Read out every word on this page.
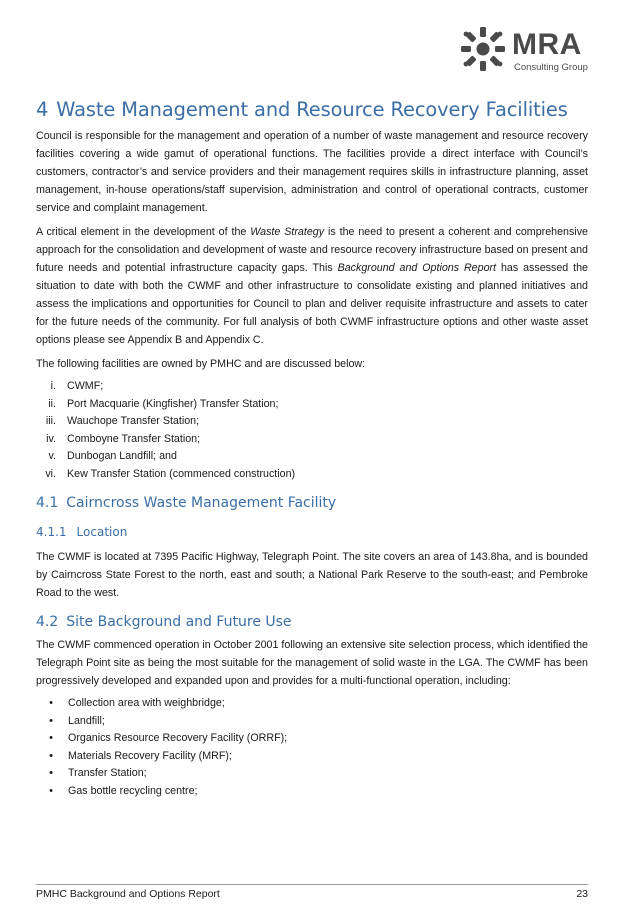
MRA
Consulting Group
4 Waste Management and Resource Recovery Facilities

Council is responsible for the management and operation of a number of waste management and resource recovery facilities covering a wide gamut of operational functions. The facilities provide a direct interface with Council’s customers, contractor’s and service providers and their management requires skills in infrastructure planning, asset management, in-house operations/staff supervision, administration and control of operational contracts, customer service and complaint management.

A critical element in the development of the Waste Strategy is the need to present a coherent and comprehensive approach for the consolidation and development of waste and resource recovery infrastructure based on present and future needs and potential infrastructure capacity gaps. This Background and Options Report has assessed the situation to date with both the CWMF and other infrastructure to consolidate existing and planned initiatives and assess the implications and opportunities for Council to plan and deliver requisite infrastructure and assets to cater for the future needs of the community. For full analysis of both CWMF infrastructure options and other waste asset options please see Appendix B and Appendix C.

The following facilities are owned by PMHC and are discussed below:

i.	CWMF;
ii.	Port Macquarie (Kingfisher) Transfer Station;
iii.	Wauchope Transfer Station;
iv.	Comboyne Transfer Station;
v.	Dunbogan Landfill; and
vi.	Kew Transfer Station (commenced construction)
4.1 Cairncross Waste Management Facility
4.1.1 Location

The CWMF is located at 7395 Pacific Highway, Telegraph Point. The site covers an area of 143.8ha, and is bounded by Cairncross State Forest to the north, east and south; a National Park Reserve to the south-east; and Pembroke Road to the west.

4.2 Site Background and Future Use

The CWMF commenced operation in October 2001 following an extensive site selection process, which identified the Telegraph Point site as being the most suitable for the management of solid waste in the LGA. The CWMF has been progressively developed and expanded upon and provides for a multi-functional operation, including:

•	Collection area with weighbridge;
•	Landfill;
•	Organics Resource Recovery Facility (ORRF);
•	Materials Recovery Facility (MRF);
•	Transfer Station;
•	Gas bottle recycling centre;
PMHC Background and Options Report	23
